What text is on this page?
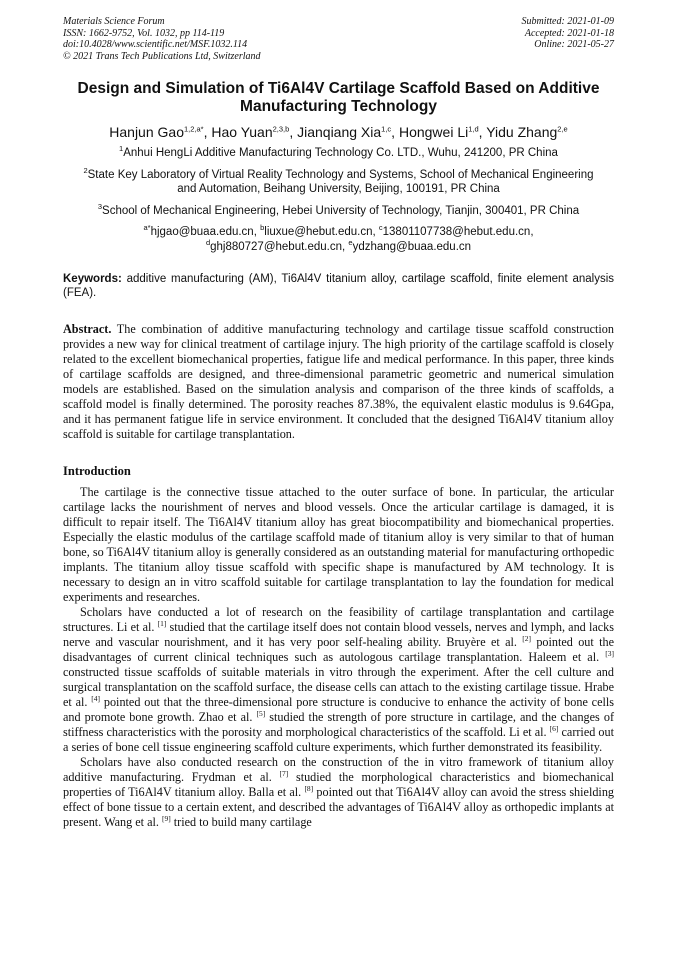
Materials Science Forum
ISSN: 1662-9752, Vol. 1032, pp 114-119
doi:10.4028/www.scientific.net/MSF.1032.114
© 2021 Trans Tech Publications Ltd, Switzerland
Submitted: 2021-01-09
Accepted: 2021-01-18
Online: 2021-05-27
Design and Simulation of Ti6Al4V Cartilage Scaffold Based on Additive Manufacturing Technology
Hanjun Gao$^{1,2,a*}$, Hao Yuan$^{2,3,b}$, Jianqiang Xia$^{1,c}$, Hongwei Li$^{1,d}$, Yidu Zhang$^{2,e}$
$^1$Anhui HengLi Additive Manufacturing Technology Co. LTD., Wuhu, 241200, PR China
$^2$State Key Laboratory of Virtual Reality Technology and Systems, School of Mechanical Engineering and Automation, Beihang University, Beijing, 100191, PR China
$^3$School of Mechanical Engineering, Hebei University of Technology, Tianjin, 300401, PR China
$^{a*}$hjgao@buaa.edu.cn, $^b$liuxue@hebut.edu.cn, $^c$13801107738@hebut.edu.cn,
$^d$ghj880727@hebut.edu.cn, $^e$ydzhang@buaa.edu.cn
Keywords: additive manufacturing (AM), Ti6Al4V titanium alloy, cartilage scaffold, finite element analysis (FEA).

Abstract. The combination of additive manufacturing technology and cartilage tissue scaffold construction provides a new way for clinical treatment of cartilage injury. The high priority of the cartilage scaffold is closely related to the excellent biomechanical properties, fatigue life and medical performance. In this paper, three kinds of cartilage scaffolds are designed, and three-dimensional parametric geometric and numerical simulation models are established. Based on the simulation analysis and comparison of the three kinds of scaffolds, a scaffold model is finally determined. The porosity reaches 87.38%, the equivalent elastic modulus is 9.64Gpa, and it has permanent fatigue life in service environment. It concluded that the designed Ti6Al4V titanium alloy scaffold is suitable for cartilage transplantation.

Introduction

The cartilage is the connective tissue attached to the outer surface of bone. In particular, the articular cartilage lacks the nourishment of nerves and blood vessels. Once the articular cartilage is damaged, it is difficult to repair itself. The Ti6Al4V titanium alloy has great biocompatibility and biomechanical properties. Especially the elastic modulus of the cartilage scaffold made of titanium alloy is very similar to that of human bone, so Ti6Al4V titanium alloy is generally considered as an outstanding material for manufacturing orthopedic implants. The titanium alloy tissue scaffold with specific shape is manufactured by AM technology. It is necessary to design an in vitro scaffold suitable for cartilage transplantation to lay the foundation for medical experiments and researches.

Scholars have conducted a lot of research on the feasibility of cartilage transplantation and cartilage structures. Li et al. [1] studied that the cartilage itself does not contain blood vessels, nerves and lymph, and lacks nerve and vascular nourishment, and it has very poor self-healing ability. Bruyère et al. [2] pointed out the disadvantages of current clinical techniques such as autologous cartilage transplantation. Haleem et al. [3] constructed tissue scaffolds of suitable materials in vitro through the experiment. After the cell culture and surgical transplantation on the scaffold surface, the disease cells can attach to the existing cartilage tissue. Hrabe et al. [4] pointed out that the three-dimensional pore structure is conducive to enhance the activity of bone cells and promote bone growth. Zhao et al. [5] studied the strength of pore structure in cartilage, and the changes of stiffness characteristics with the porosity and morphological characteristics of the scaffold. Li et al. [6] carried out a series of bone cell tissue engineering scaffold culture experiments, which further demonstrated its feasibility.

Scholars have also conducted research on the construction of the in vitro framework of titanium alloy additive manufacturing. Frydman et al. [7] studied the morphological characteristics and biomechanical properties of Ti6Al4V titanium alloy. Balla et al. [8] pointed out that Ti6Al4V alloy can avoid the stress shielding effect of bone tissue to a certain extent, and described the advantages of Ti6Al4V alloy as orthopedic implants at present. Wang et al. [9] tried to build many cartilage
